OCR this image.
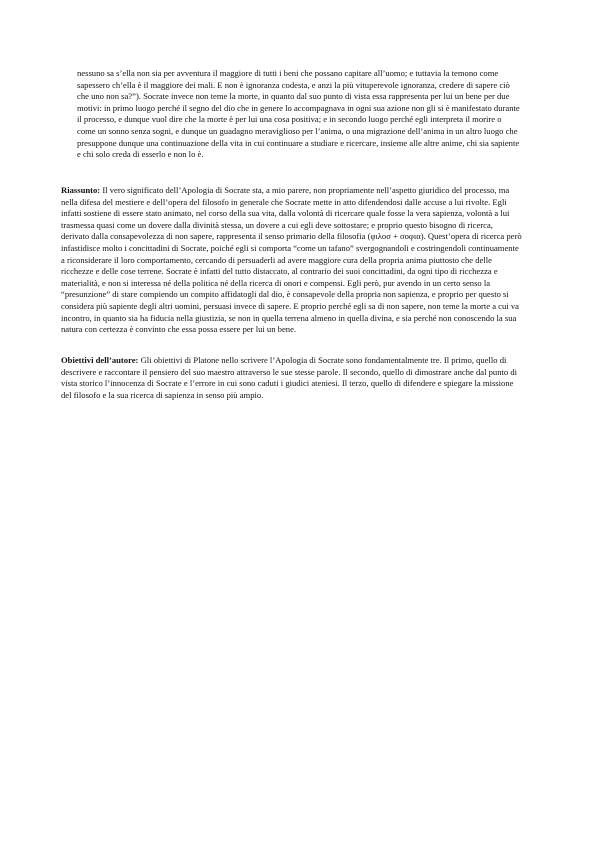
nessuno sa s’ella non sia per avventura il maggiore di tutti i beni che possano capitare all’uomo; e tuttavia la temono come sapessero ch’ella è il maggiore dei mali. E non è ignoranza codesta, e anzi la più vituperevole ignoranza, credere di sapere ciò che uno non sa?”). Socrate invece non teme la morte, in quanto dal suo punto di vista essa rappresenta per lui un bene per due motivi: in primo luogo perché il segno del dio che in genere lo accompagnava in ogni sua azione non gli si è manifestato durante il processo, e dunque vuol dire che la morte è per lui una cosa positiva; e in secondo luogo perché egli interpreta il morire o come un sonno senza sogni, e dunque un guadagno meraviglioso per l’anima, o una migrazione dell’anima in un altro luogo che presuppone dunque una continuazione della vita in cui continuare a studiare e ricercare, insieme alle altre anime, chi sia sapiente e chi solo creda di esserlo e non lo è.

Riassunto: Il vero significato dell’Apologia di Socrate sta, a mio parere, non propriamente nell’aspetto giuridico del processo, ma nella difesa del mestiere e dell’opera del filosofo in generale che Socrate mette in atto difendendosi dalle accuse a lui rivolte. Egli infatti sostiene di essere stato animato, nel corso della sua vita, dalla volontà di ricercare quale fosse la vera sapienza, volontà a lui trasmessa quasi come un dovere dalla divinità stessa, un dovere a cui egli deve sottostare; e proprio questo bisogno di ricerca, derivato dalla consapevolezza di non sapere, rappresenta il senso primario della filosofia (φιλοσ + σοφια). Quest’opera di ricerca però infastidisce molto i concittadini di Socrate, poiché egli si comporta “come un tafano” svergognandoli e costringendoli continuamente a riconsiderare il loro comportamento, cercando di persuaderli ad avere maggiore cura della propria anima piuttosto che delle ricchezze e delle cose terrene. Socrate è infatti del tutto distaccato, al contrario dei suoi concittadini, da ogni tipo di ricchezza e materialità, e non si interessa né della politica né della ricerca di onori e compensi. Egli però, pur avendo in un certo senso la “presunzione” di stare compiendo un compito affidatogli dal dio, è consapevole della propria non sapienza, e proprio per questo si considera più sapiente degli altri uomini, persuasi invece di sapere. E proprio perché egli sa di non sapere, non teme la morte a cui va incontro, in quanto sia ha fiducia nella giustizia, se non in quella terrena almeno in quella divina, e sia perché non conoscendo la sua natura con certezza è convinto che essa possa essere per lui un bene.

Obiettivi dell’autore: Gli obiettivi di Platone nello scrivere l’Apologia di Socrate sono fondamentalmente tre. Il primo, quello di descrivere e raccontare il pensiero del suo maestro attraverso le sue stesse parole. Il secondo, quello di dimostrare anche dal punto di vista storico l’innocenza di Socrate e l’errore in cui sono caduti i giudici ateniesi. Il terzo, quello di difendere e spiegare la missione del filosofo e la sua ricerca di sapienza in senso più ampio.
